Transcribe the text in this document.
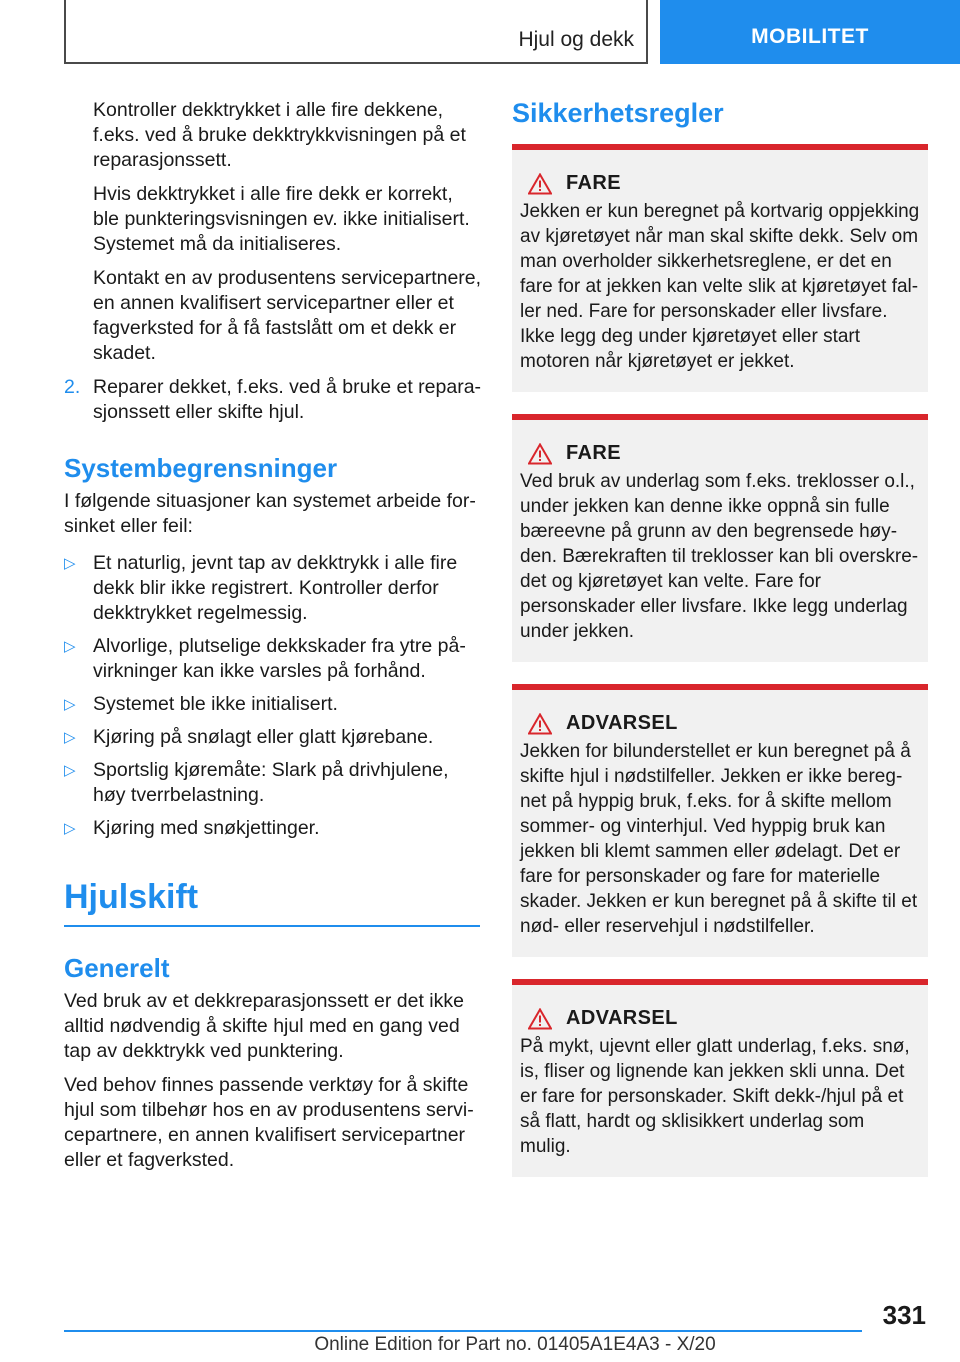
Hjul og dekk	MOBILITET

Kontroller dekktrykket i alle fire dekkene, f.eks. ved å bruke dekktrykkvisningen på et reparasjonssett.

Hvis dekktrykket i alle fire dekk er korrekt, ble punkteringsvisningen ev. ikke initialisert. Systemet må da initialiseres.

Kontakt en av produsentens servicepartnere, en annen kvalifisert servicepartner eller et fagverksted for å få fastslått om et dekk er skadet.

2. Reparer dekket, f.eks. ved å bruke et reparasjonssett eller skifte hjul.

Systembegrensninger

I følgende situasjoner kan systemet arbeide forsinket eller feil:

▷ Et naturlig, jevnt tap av dekktrykk i alle fire dekk blir ikke registrert. Kontroller derfor dekktrykket regelmessig.

▷ Alvorlige, plutselige dekkskader fra ytre påvirkninger kan ikke varsles på forhånd.

▷ Systemet ble ikke initialisert.

▷ Kjøring på snølagt eller glatt kjørebane.

▷ Sportslig kjøremåte: Slark på drivhjulene, høy tverrbelastning.

▷ Kjøring med snøkjettinger.

Hjulskift
Generelt

Ved bruk av et dekkreparasjonssett er det ikke alltid nødvendig å skifte hjul med en gang ved tap av dekktrykk ved punktering.

Ved behov finnes passende verktøy for å skifte hjul som tilbehør hos en av produsentens servicepartnere, en annen kvalifisert servicepartner eller et fagverksted.

Sikkerhetsregler
FARE

Jekken er kun beregnet på kortvarig oppjekking av kjøretøyet når man skal skifte dekk. Selv om man overholder sikkerhetsreglene, er det en fare for at jekken kan velte slik at kjøretøyet faller ned. Fare for personskader eller livsfare. Ikke legg deg under kjøretøyet eller start motoren når kjøretøyet er jekket.

FARE

Ved bruk av underlag som f.eks. treklosser o.l., under jekken kan denne ikke oppnå sin fulle bæreevne på grunn av den begrensede høyden. Bærekraften til treklosser kan bli overskredet og kjøretøyet kan velte. Fare for personskader eller livsfare. Ikke legg underlag under jekken.

ADVARSEL

Jekken for bilunderstellet er kun beregnet på å skifte hjul i nødstilfeller. Jekken er ikke beregnet på hyppig bruk, f.eks. for å skifte mellom sommer- og vinterhjul. Ved hyppig bruk kan jekken bli klemt sammen eller ødelagt. Det er fare for personskader og fare for materielle skader. Jekken er kun beregnet på å skifte til et nød- eller reservehjul i nødstilfeller.

ADVARSEL

På mykt, ujevnt eller glatt underlag, f.eks. snø, is, fliser og lignende kan jekken skli unna. Det er fare for personskader. Skift dekk-/hjul på et så flatt, hardt og sklisikkert underlag som mulig.

331
Online Edition for Part no. 01405A1E4A3 - X/20
